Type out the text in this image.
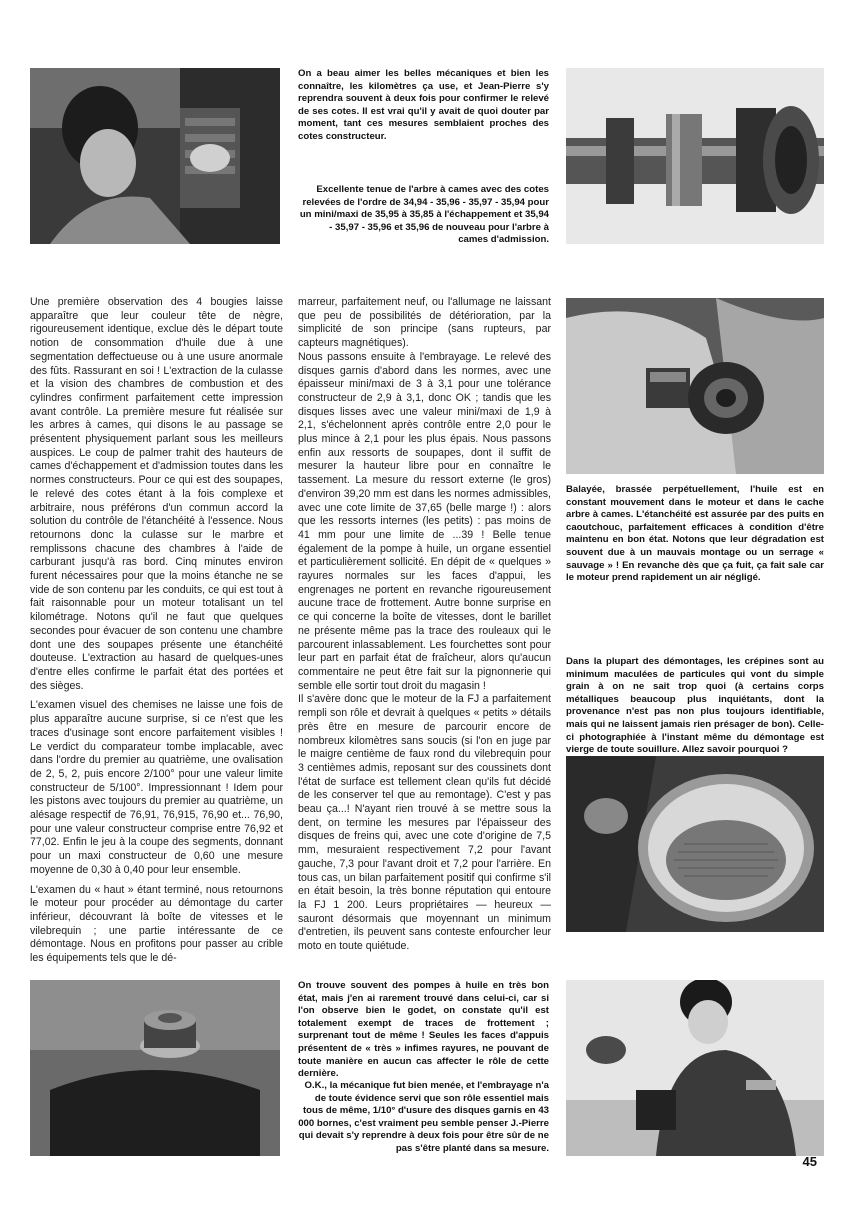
On a beau aimer les belles mécaniques et bien les connaître, les kilomètres ça use, et Jean-Pierre s'y reprendra souvent à deux fois pour confirmer le relevé de ses cotes. Il est vrai qu'il y avait de quoi douter par moment, tant ces mesures semblaient proches des cotes constructeur.
Excellente tenue de l'arbre à cames avec des cotes relevées de l'ordre de 34,94 - 35,96 - 35,97 - 35,94 pour un mini/maxi de 35,95 à 35,85 à l'échappement et 35,94 - 35,97 - 35,96 et 35,96 de nouveau pour l'arbre à cames d'admission.

Une première observation des 4 bougies laisse apparaître que leur couleur tête de nègre, rigoureusement identique, exclue dès le départ toute notion de consommation d'huile due à une segmentation deffectueuse ou à une usure anormale des fûts. Rassurant en soi ! L'extraction de la culasse et la vision des chambres de combustion et des cylindres confirment parfaitement cette impression avant contrôle. La première mesure fut réalisée sur les arbres à cames, qui disons le au passage se présentent physiquement parlant sous les meilleurs auspices. Le coup de palmer trahit des hauteurs de cames d'échappement et d'admission toutes dans les normes constructeurs. Pour ce qui est des soupapes, le relevé des cotes étant à la fois complexe et arbitraire, nous préférons d'un commun accord la solution du contrôle de l'étanchéité à l'essence. Nous retournons donc la culasse sur le marbre et remplissons chacune des chambres à l'aide de carburant jusqu'à ras bord. Cinq minutes environ furent nécessaires pour que la moins étanche ne se vide de son contenu par les conduits, ce qui est tout à fait raisonnable pour un moteur totalisant un tel kilométrage. Notons qu'il ne faut que quelques secondes pour évacuer de son contenu une chambre dont une des soupapes présente une étanchéité douteuse. L'extraction au hasard de quelques-unes d'entre elles confirme le parfait état des portées et des sièges.

L'examen visuel des chemises ne laisse une fois de plus apparaître aucune surprise, si ce n'est que les traces d'usinage sont encore parfaitement visibles ! Le verdict du comparateur tombe implacable, avec dans l'ordre du premier au quatrième, une ovalisation de 2, 5, 2, puis encore 2/100° pour une valeur limite constructeur de 5/100°. Impressionnant ! Idem pour les pistons avec toujours du premier au quatrième, un alésage respectif de 76,91, 76,915, 76,90 et... 76,90, pour une valeur constructeur comprise entre 76,92 et 77,02. Enfin le jeu à la coupe des segments, donnant pour un maxi constructeur de 0,60 une mesure moyenne de 0,30 à 0,40 pour leur ensemble.

L'examen du « haut » étant terminé, nous retournons le moteur pour procéder au démontage du carter inférieur, découvrant là boîte de vitesses et le vilebrequin ; une partie intéressante de ce démontage. Nous en profitons pour passer au crible les équipements tels que le dé-

marreur, parfaitement neuf, ou l'allumage ne laissant que peu de possibilités de détérioration, par la simplicité de son principe (sans rupteurs, par capteurs magnétiques).

Nous passons ensuite à l'embrayage. Le relevé des disques garnis d'abord dans les normes, avec une épaisseur mini/maxi de 3 à 3,1 pour une tolérance constructeur de 2,9 à 3,1, donc OK ; tandis que les disques lisses avec une valeur mini/maxi de 1,9 à 2,1, s'échelonnent après contrôle entre 2,0 pour le plus mince à 2,1 pour les plus épais. Nous passons enfin aux ressorts de soupapes, dont il suffit de mesurer la hauteur libre pour en connaître le tassement. La mesure du ressort externe (le gros) d'environ 39,20 mm est dans les normes admissibles, avec une cote limite de 37,65 (belle marge !) : alors que les ressorts internes (les petits) : pas moins de 41 mm pour une limite de ...39 ! Belle tenue également de la pompe à huile, un organe essentiel et particulièrement sollicité. En dépit de « quelques » rayures normales sur les faces d'appui, les engrenages ne portent en revanche rigoureusement aucune trace de frottement. Autre bonne surprise en ce qui concerne la boîte de vitesses, dont le barillet ne présente même pas la trace des rouleaux qui le parcourent inlassablement. Les fourchettes sont pour leur part en parfait état de fraîcheur, alors qu'aucun commentaire ne peut être fait sur la pignonnerie qui semble elle sortir tout droit du magasin !

Il s'avère donc que le moteur de la FJ a parfaitement rempli son rôle et devrait à quelques « petits » détails près être en mesure de parcourir encore de nombreux kilomètres sans soucis (si l'on en juge par le maigre centième de faux rond du vilebrequin pour 3 centièmes admis, reposant sur des coussinets dont l'état de surface est tellement clean qu'ils fut décidé de les conserver tel que au remontage). C'est y pas beau ça...! N'ayant rien trouvé à se mettre sous la dent, on termine les mesures par l'épaisseur des disques de freins qui, avec une cote d'origine de 7,5 mm, mesuraient respectivement 7,2 pour l'avant gauche, 7,3 pour l'avant droit et 7,2 pour l'arrière. En tous cas, un bilan parfaitement positif qui confirme s'il en était besoin, la très bonne réputation qui entoure la FJ 1 200. Leurs propriétaires — heureux — sauront désormais que moyennant un minimum d'entretien, ils peuvent sans conteste enfourcher leur moto en toute quiétude.

Balayée, brassée perpétuellement, l'huile est en constant mouvement dans le moteur et dans le cache arbre à cames. L'étanchéité est assurée par des puits en caoutchouc, parfaitement efficaces à condition d'être maintenu en bon état. Notons que leur dégradation est souvent due à un mauvais montage ou un serrage « sauvage » ! En revanche dès que ça fuit, ça fait sale car le moteur prend rapidement un air négligé.
Dans la plupart des démontages, les crépines sont au minimum maculées de particules qui vont du simple grain à on ne sait trop quoi (à certains corps métalliques beaucoup plus inquiétants, dont la provenance n'est pas non plus toujours identifiable, mais qui ne laissent jamais rien présager de bon). Celle-ci photographiée à l'instant même du démontage est vierge de toute souillure. Allez savoir pourquoi ?
On trouve souvent des pompes à huile en très bon état, mais j'en ai rarement trouvé dans celui-ci, car si l'on observe bien le godet, on constate qu'il est totalement exempt de traces de frottement ; surprenant tout de même ! Seules les faces d'appuis présentent de « très » infimes rayures, ne pouvant de toute manière en aucun cas affecter le rôle de cette dernière.
O.K., la mécanique fut bien menée, et l'embrayage n'a de toute évidence servi que son rôle essentiel mais tous de même, 1/10° d'usure des disques garnis en 43 000 bornes, c'est vraiment peu semble penser J.-Pierre qui devait s'y reprendre à deux fois pour être sûr de ne pas s'être planté dans sa mesure.
45
